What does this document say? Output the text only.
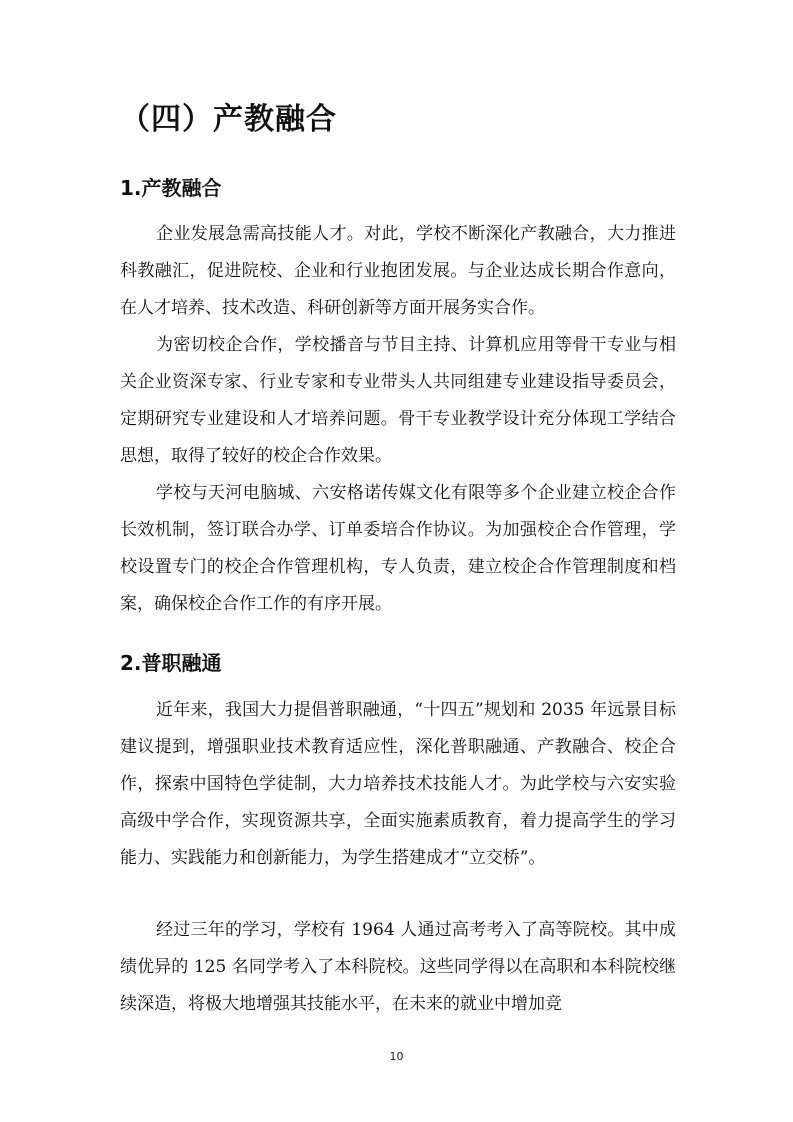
（四）产教融合
1.产教融合

企业发展急需高技能人才。对此，学校不断深化产教融合，大力推进科教融汇，促进院校、企业和行业抱团发展。与企业达成长期合作意向，在人才培养、技术改造、科研创新等方面开展务实合作。

为密切校企合作，学校播音与节目主持、计算机应用等骨干专业与相关企业资深专家、行业专家和专业带头人共同组建专业建设指导委员会，定期研究专业建设和人才培养问题。骨干专业教学设计充分体现工学结合思想，取得了较好的校企合作效果。

学校与天河电脑城、六安格诺传媒文化有限等多个企业建立校企合作长效机制，签订联合办学、订单委培合作协议。为加强校企合作管理，学校设置专门的校企合作管理机构，专人负责，建立校企合作管理制度和档案，确保校企合作工作的有序开展。

2.普职融通

近年来，我国大力提倡普职融通，“十四五”规划和 2035 年远景目标建议提到，增强职业技术教育适应性，深化普职融通、产教融合、校企合作，探索中国特色学徒制，大力培养技术技能人才。为此学校与六安实验高级中学合作，实现资源共享，全面实施素质教育，着力提高学生的学习能力、实践能力和创新能力，为学生搭建成才“立交桥”。

经过三年的学习，学校有 1964 人通过高考考入了高等院校。其中成绩优异的 125 名同学考入了本科院校。这些同学得以在高职和本科院校继续深造，将极大地增强其技能水平，在未来的就业中增加竞

10
